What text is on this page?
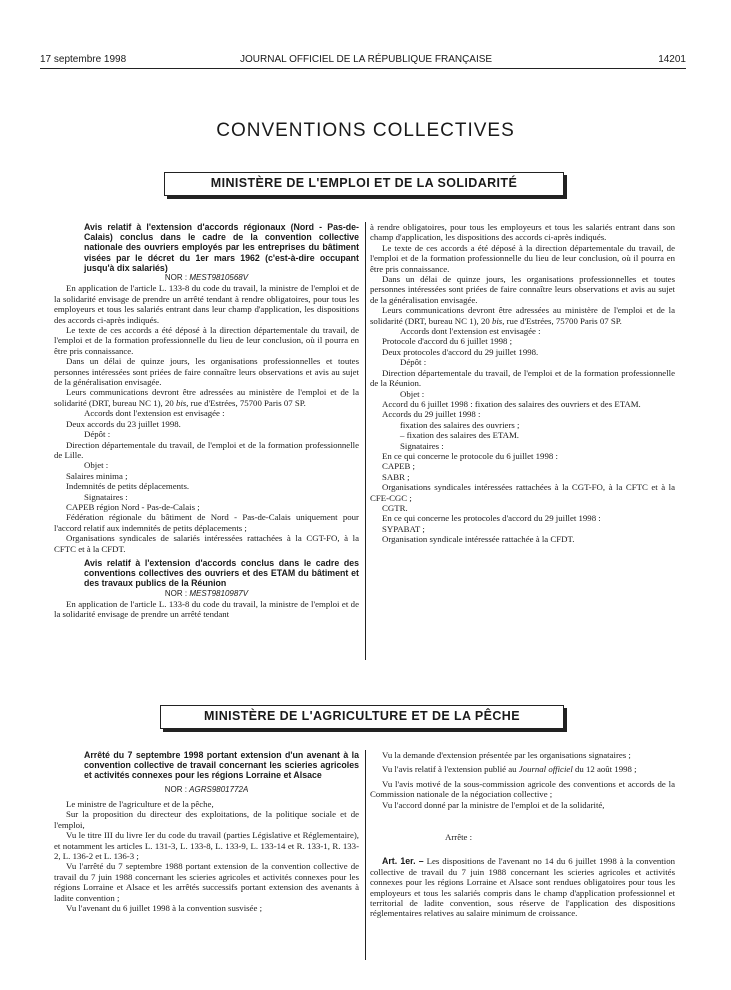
17 septembre 1998	JOURNAL OFFICIEL DE LA RÉPUBLIQUE FRANÇAISE	14201
CONVENTIONS COLLECTIVES
MINISTÈRE DE L'EMPLOI ET DE LA SOLIDARITÉ

Avis relatif à l'extension d'accords régionaux (Nord - Pas-de-Calais) conclus dans le cadre de la convention collective nationale des ouvriers employés par les entreprises du bâtiment visées par le décret du 1er mars 1962 (c'est-à-dire occupant jusqu'à dix salariés)

NOR : MEST9810568V

En application de l'article L. 133-8 du code du travail, la ministre de l'emploi et de la solidarité envisage de prendre un arrêté tendant à rendre obligatoires, pour tous les employeurs et tous les salariés entrant dans leur champ d'application, les dispositions des accords ci-après indiqués.

Le texte de ces accords a été déposé à la direction départementale du travail, de l'emploi et de la formation professionnelle du lieu de leur conclusion, où il pourra en être pris connaissance.

Dans un délai de quinze jours, les organisations professionnelles et toutes personnes intéressées sont priées de faire connaître leurs observations et avis au sujet de la généralisation envisagée.

Leurs communications devront être adressées au ministère de l'emploi et de la solidarité (DRT, bureau NC 1), 20 bis, rue d'Estrées, 75700 Paris 07 SP.

Accords dont l'extension est envisagée :

Deux accords du 23 juillet 1998.

Dépôt :

Direction départementale du travail, de l'emploi et de la formation professionnelle de Lille.

Objet :

Salaires minima ;

Indemnités de petits déplacements.

Signataires :

CAPEB région Nord - Pas-de-Calais ;

Fédération régionale du bâtiment de Nord - Pas-de-Calais uniquement pour l'accord relatif aux indemnités de petits déplacements ;

Organisations syndicales de salariés intéressées rattachées à la CGT-FO, à la CFTC et à la CFDT.

Avis relatif à l'extension d'accords conclus dans le cadre des conventions collectives des ouvriers et des ETAM du bâtiment et des travaux publics de la Réunion

NOR : MEST9810987V

En application de l'article L. 133-8 du code du travail, la ministre de l'emploi et de la solidarité envisage de prendre un arrêté tendant

à rendre obligatoires, pour tous les employeurs et tous les salariés entrant dans son champ d'application, les dispositions des accords ci-après indiqués.

Le texte de ces accords a été déposé à la direction départementale du travail, de l'emploi et de la formation professionnelle du lieu de leur conclusion, où il pourra en être pris connaissance.

Dans un délai de quinze jours, les organisations professionnelles et toutes personnes intéressées sont priées de faire connaître leurs observations et avis au sujet de la généralisation envisagée.

Leurs communications devront être adressées au ministère de l'emploi et de la solidarité (DRT, bureau NC 1), 20 bis, rue d'Estrées, 75700 Paris 07 SP.

Accords dont l'extension est envisagée :

Protocole d'accord du 6 juillet 1998 ;

Deux protocoles d'accord du 29 juillet 1998.

Dépôt :

Direction départementale du travail, de l'emploi et de la formation professionnelle de la Réunion.

Objet :

Accord du 6 juillet 1998 : fixation des salaires des ouvriers et des ETAM.

Accords du 29 juillet 1998 :

fixation des salaires des ouvriers ;

– fixation des salaires des ETAM.

Signataires :

En ce qui concerne le protocole du 6 juillet 1998 :

CAPEB ;

SABR ;

Organisations syndicales intéressées rattachées à la CGT-FO, à la CFTC et à la CFE-CGC ;

CGTR.

En ce qui concerne les protocoles d'accord du 29 juillet 1998 :

SYPABAT ;

Organisation syndicale intéressée rattachée à la CFDT.

MINISTÈRE DE L'AGRICULTURE ET DE LA PÊCHE

Arrêté du 7 septembre 1998 portant extension d'un avenant à la convention collective de travail concernant les scieries agricoles et activités connexes pour les régions Lorraine et Alsace

NOR : AGRS9801772A

Le ministre de l'agriculture et de la pêche,

Sur la proposition du directeur des exploitations, de la politique sociale et de l'emploi,

Vu le titre III du livre Ier du code du travail (parties Législative et Réglementaire), et notamment les articles L. 131-3, L. 133-8, L. 133-9, L. 133-14 et R. 133-1, R. 133-2, L. 136-2 et L. 136-3 ;

Vu l'arrêté du 7 septembre 1988 portant extension de la convention collective de travail du 7 juin 1988 concernant les scieries agricoles et activités connexes pour les régions Lorraine et Alsace et les arrêtés successifs portant extension des avenants à ladite convention ;

Vu l'avenant du 6 juillet 1998 à la convention susvisée ;

Vu la demande d'extension présentée par les organisations signataires ;

Vu l'avis relatif à l'extension publié au Journal officiel du 12 août 1998 ;

Vu l'avis motivé de la sous-commission agricole des conventions et accords de la Commission nationale de la négociation collective ;

Vu l'accord donné par la ministre de l'emploi et de la solidarité,

Arrête :

Art. 1er. – Les dispositions de l'avenant no 14 du 6 juillet 1998 à la convention collective de travail du 7 juin 1988 concernant les scieries agricoles et activités connexes pour les régions Lorraine et Alsace sont rendues obligatoires pour tous les employeurs et tous les salariés compris dans le champ d'application professionnel et territorial de ladite convention, sous réserve de l'application des dispositions réglementaires relatives au salaire minimum de croissance.
